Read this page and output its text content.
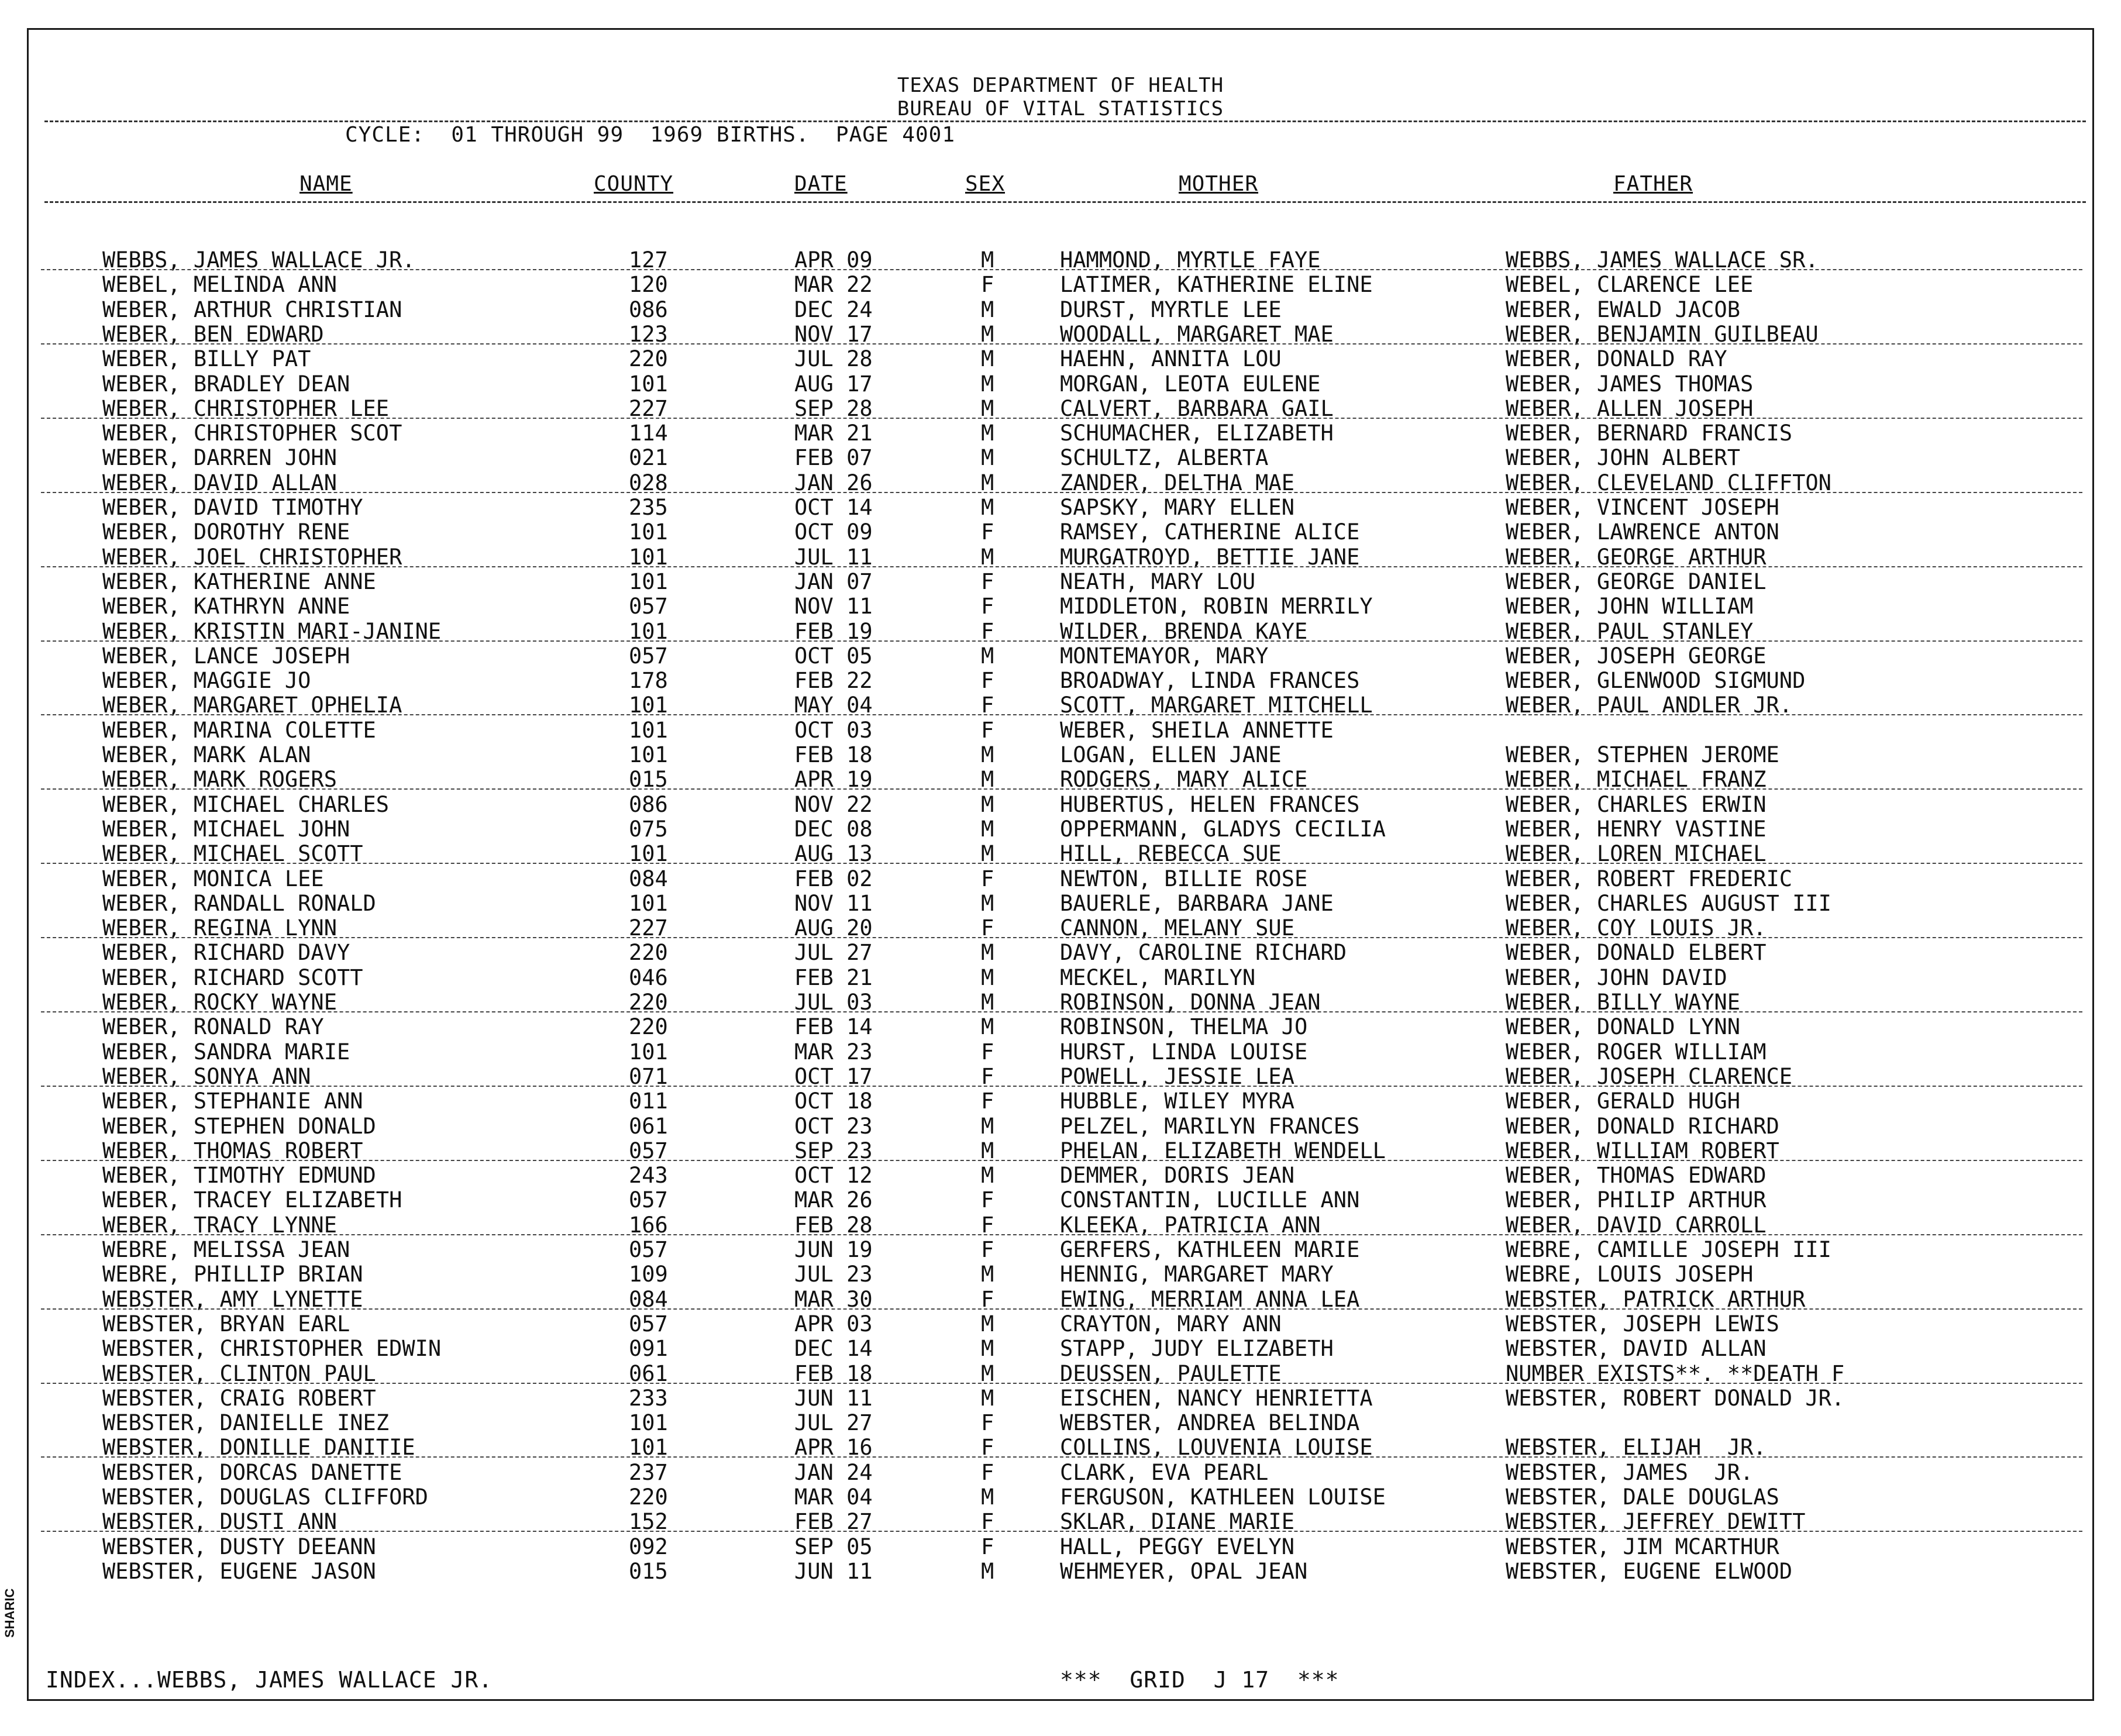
TEXAS DEPARTMENT OF HEALTH
BUREAU OF VITAL STATISTICS
CYCLE:  01 THROUGH 99  1969 BIRTHS.  PAGE 4001
NAME	COUNTY	DATE	SEX	MOTHER	FATHER
WEBBS, JAMES WALLACE JR.	127	APR 09	M	HAMMOND, MYRTLE FAYE	WEBBS, JAMES WALLACE SR.
WEBEL, MELINDA ANN	120	MAR 22	F	LATIMER, KATHERINE ELINE	WEBEL, CLARENCE LEE
WEBER, ARTHUR CHRISTIAN	086	DEC 24	M	DURST, MYRTLE LEE	WEBER, EWALD JACOB
WEBER, BEN EDWARD	123	NOV 17	M	WOODALL, MARGARET MAE	WEBER, BENJAMIN GUILBEAU
WEBER, BILLY PAT	220	JUL 28	M	HAEHN, ANNITA LOU	WEBER, DONALD RAY
WEBER, BRADLEY DEAN	101	AUG 17	M	MORGAN, LEOTA EULENE	WEBER, JAMES THOMAS
WEBER, CHRISTOPHER LEE	227	SEP 28	M	CALVERT, BARBARA GAIL	WEBER, ALLEN JOSEPH
WEBER, CHRISTOPHER SCOT	114	MAR 21	M	SCHUMACHER, ELIZABETH	WEBER, BERNARD FRANCIS
WEBER, DARREN JOHN	021	FEB 07	M	SCHULTZ, ALBERTA	WEBER, JOHN ALBERT
WEBER, DAVID ALLAN	028	JAN 26	M	ZANDER, DELTHA MAE	WEBER, CLEVELAND CLIFFTON
WEBER, DAVID TIMOTHY	235	OCT 14	M	SAPSKY, MARY ELLEN	WEBER, VINCENT JOSEPH
WEBER, DOROTHY RENE	101	OCT 09	F	RAMSEY, CATHERINE ALICE	WEBER, LAWRENCE ANTON
WEBER, JOEL CHRISTOPHER	101	JUL 11	M	MURGATROYD, BETTIE JANE	WEBER, GEORGE ARTHUR
WEBER, KATHERINE ANNE	101	JAN 07	F	NEATH, MARY LOU	WEBER, GEORGE DANIEL
WEBER, KATHRYN ANNE	057	NOV 11	F	MIDDLETON, ROBIN MERRILY	WEBER, JOHN WILLIAM
WEBER, KRISTIN MARI-JANINE	101	FEB 19	F	WILDER, BRENDA KAYE	WEBER, PAUL STANLEY
WEBER, LANCE JOSEPH	057	OCT 05	M	MONTEMAYOR, MARY	WEBER, JOSEPH GEORGE
WEBER, MAGGIE JO	178	FEB 22	F	BROADWAY, LINDA FRANCES	WEBER, GLENWOOD SIGMUND
WEBER, MARGARET OPHELIA	101	MAY 04	F	SCOTT, MARGARET MITCHELL	WEBER, PAUL ANDLER JR.
WEBER, MARINA COLETTE	101	OCT 03	F	WEBER, SHEILA ANNETTE
WEBER, MARK ALAN	101	FEB 18	M	LOGAN, ELLEN JANE	WEBER, STEPHEN JEROME
WEBER, MARK ROGERS	015	APR 19	M	RODGERS, MARY ALICE	WEBER, MICHAEL FRANZ
WEBER, MICHAEL CHARLES	086	NOV 22	M	HUBERTUS, HELEN FRANCES	WEBER, CHARLES ERWIN
WEBER, MICHAEL JOHN	075	DEC 08	M	OPPERMANN, GLADYS CECILIA	WEBER, HENRY VASTINE
WEBER, MICHAEL SCOTT	101	AUG 13	M	HILL, REBECCA SUE	WEBER, LOREN MICHAEL
WEBER, MONICA LEE	084	FEB 02	F	NEWTON, BILLIE ROSE	WEBER, ROBERT FREDERIC
WEBER, RANDALL RONALD	101	NOV 11	M	BAUERLE, BARBARA JANE	WEBER, CHARLES AUGUST III
WEBER, REGINA LYNN	227	AUG 20	F	CANNON, MELANY SUE	WEBER, COY LOUIS JR.
WEBER, RICHARD DAVY	220	JUL 27	M	DAVY, CAROLINE RICHARD	WEBER, DONALD ELBERT
WEBER, RICHARD SCOTT	046	FEB 21	M	MECKEL, MARILYN	WEBER, JOHN DAVID
WEBER, ROCKY WAYNE	220	JUL 03	M	ROBINSON, DONNA JEAN	WEBER, BILLY WAYNE
WEBER, RONALD RAY	220	FEB 14	M	ROBINSON, THELMA JO	WEBER, DONALD LYNN
WEBER, SANDRA MARIE	101	MAR 23	F	HURST, LINDA LOUISE	WEBER, ROGER WILLIAM
WEBER, SONYA ANN	071	OCT 17	F	POWELL, JESSIE LEA	WEBER, JOSEPH CLARENCE
WEBER, STEPHANIE ANN	011	OCT 18	F	HUBBLE, WILEY MYRA	WEBER, GERALD HUGH
WEBER, STEPHEN DONALD	061	OCT 23	M	PELZEL, MARILYN FRANCES	WEBER, DONALD RICHARD
WEBER, THOMAS ROBERT	057	SEP 23	M	PHELAN, ELIZABETH WENDELL	WEBER, WILLIAM ROBERT
WEBER, TIMOTHY EDMUND	243	OCT 12	M	DEMMER, DORIS JEAN	WEBER, THOMAS EDWARD
WEBER, TRACEY ELIZABETH	057	MAR 26	F	CONSTANTIN, LUCILLE ANN	WEBER, PHILIP ARTHUR
WEBER, TRACY LYNNE	166	FEB 28	F	KLEEKA, PATRICIA ANN	WEBER, DAVID CARROLL
WEBRE, MELISSA JEAN	057	JUN 19	F	GERFERS, KATHLEEN MARIE	WEBRE, CAMILLE JOSEPH III
WEBRE, PHILLIP BRIAN	109	JUL 23	M	HENNIG, MARGARET MARY	WEBRE, LOUIS JOSEPH
WEBSTER, AMY LYNETTE	084	MAR 30	F	EWING, MERRIAM ANNA LEA	WEBSTER, PATRICK ARTHUR
WEBSTER, BRYAN EARL	057	APR 03	M	CRAYTON, MARY ANN	WEBSTER, JOSEPH LEWIS
WEBSTER, CHRISTOPHER EDWIN	091	DEC 14	M	STAPP, JUDY ELIZABETH	WEBSTER, DAVID ALLAN
WEBSTER, CLINTON PAUL	061	FEB 18	M	DEUSSEN, PAULETTE	NUMBER EXISTS**. **DEATH F
WEBSTER, CRAIG ROBERT	233	JUN 11	M	EISCHEN, NANCY HENRIETTA	WEBSTER, ROBERT DONALD JR.
WEBSTER, DANIELLE INEZ	101	JUL 27	F	WEBSTER, ANDREA BELINDA
WEBSTER, DONILLE DANITIE	101	APR 16	F	COLLINS, LOUVENIA LOUISE	WEBSTER, ELIJAH  JR.
WEBSTER, DORCAS DANETTE	237	JAN 24	F	CLARK, EVA PEARL	WEBSTER, JAMES  JR.
WEBSTER, DOUGLAS CLIFFORD	220	MAR 04	M	FERGUSON, KATHLEEN LOUISE	WEBSTER, DALE DOUGLAS
WEBSTER, DUSTI ANN	152	FEB 27	F	SKLAR, DIANE MARIE	WEBSTER, JEFFREY DEWITT
WEBSTER, DUSTY DEEANN	092	SEP 05	F	HALL, PEGGY EVELYN	WEBSTER, JIM MCARTHUR
WEBSTER, EUGENE JASON	015	JUN 11	M	WEHMEYER, OPAL JEAN	WEBSTER, EUGENE ELWOOD
SHARIC
INDEX...WEBBS, JAMES WALLACE JR.	***  GRID  J 17  ***
